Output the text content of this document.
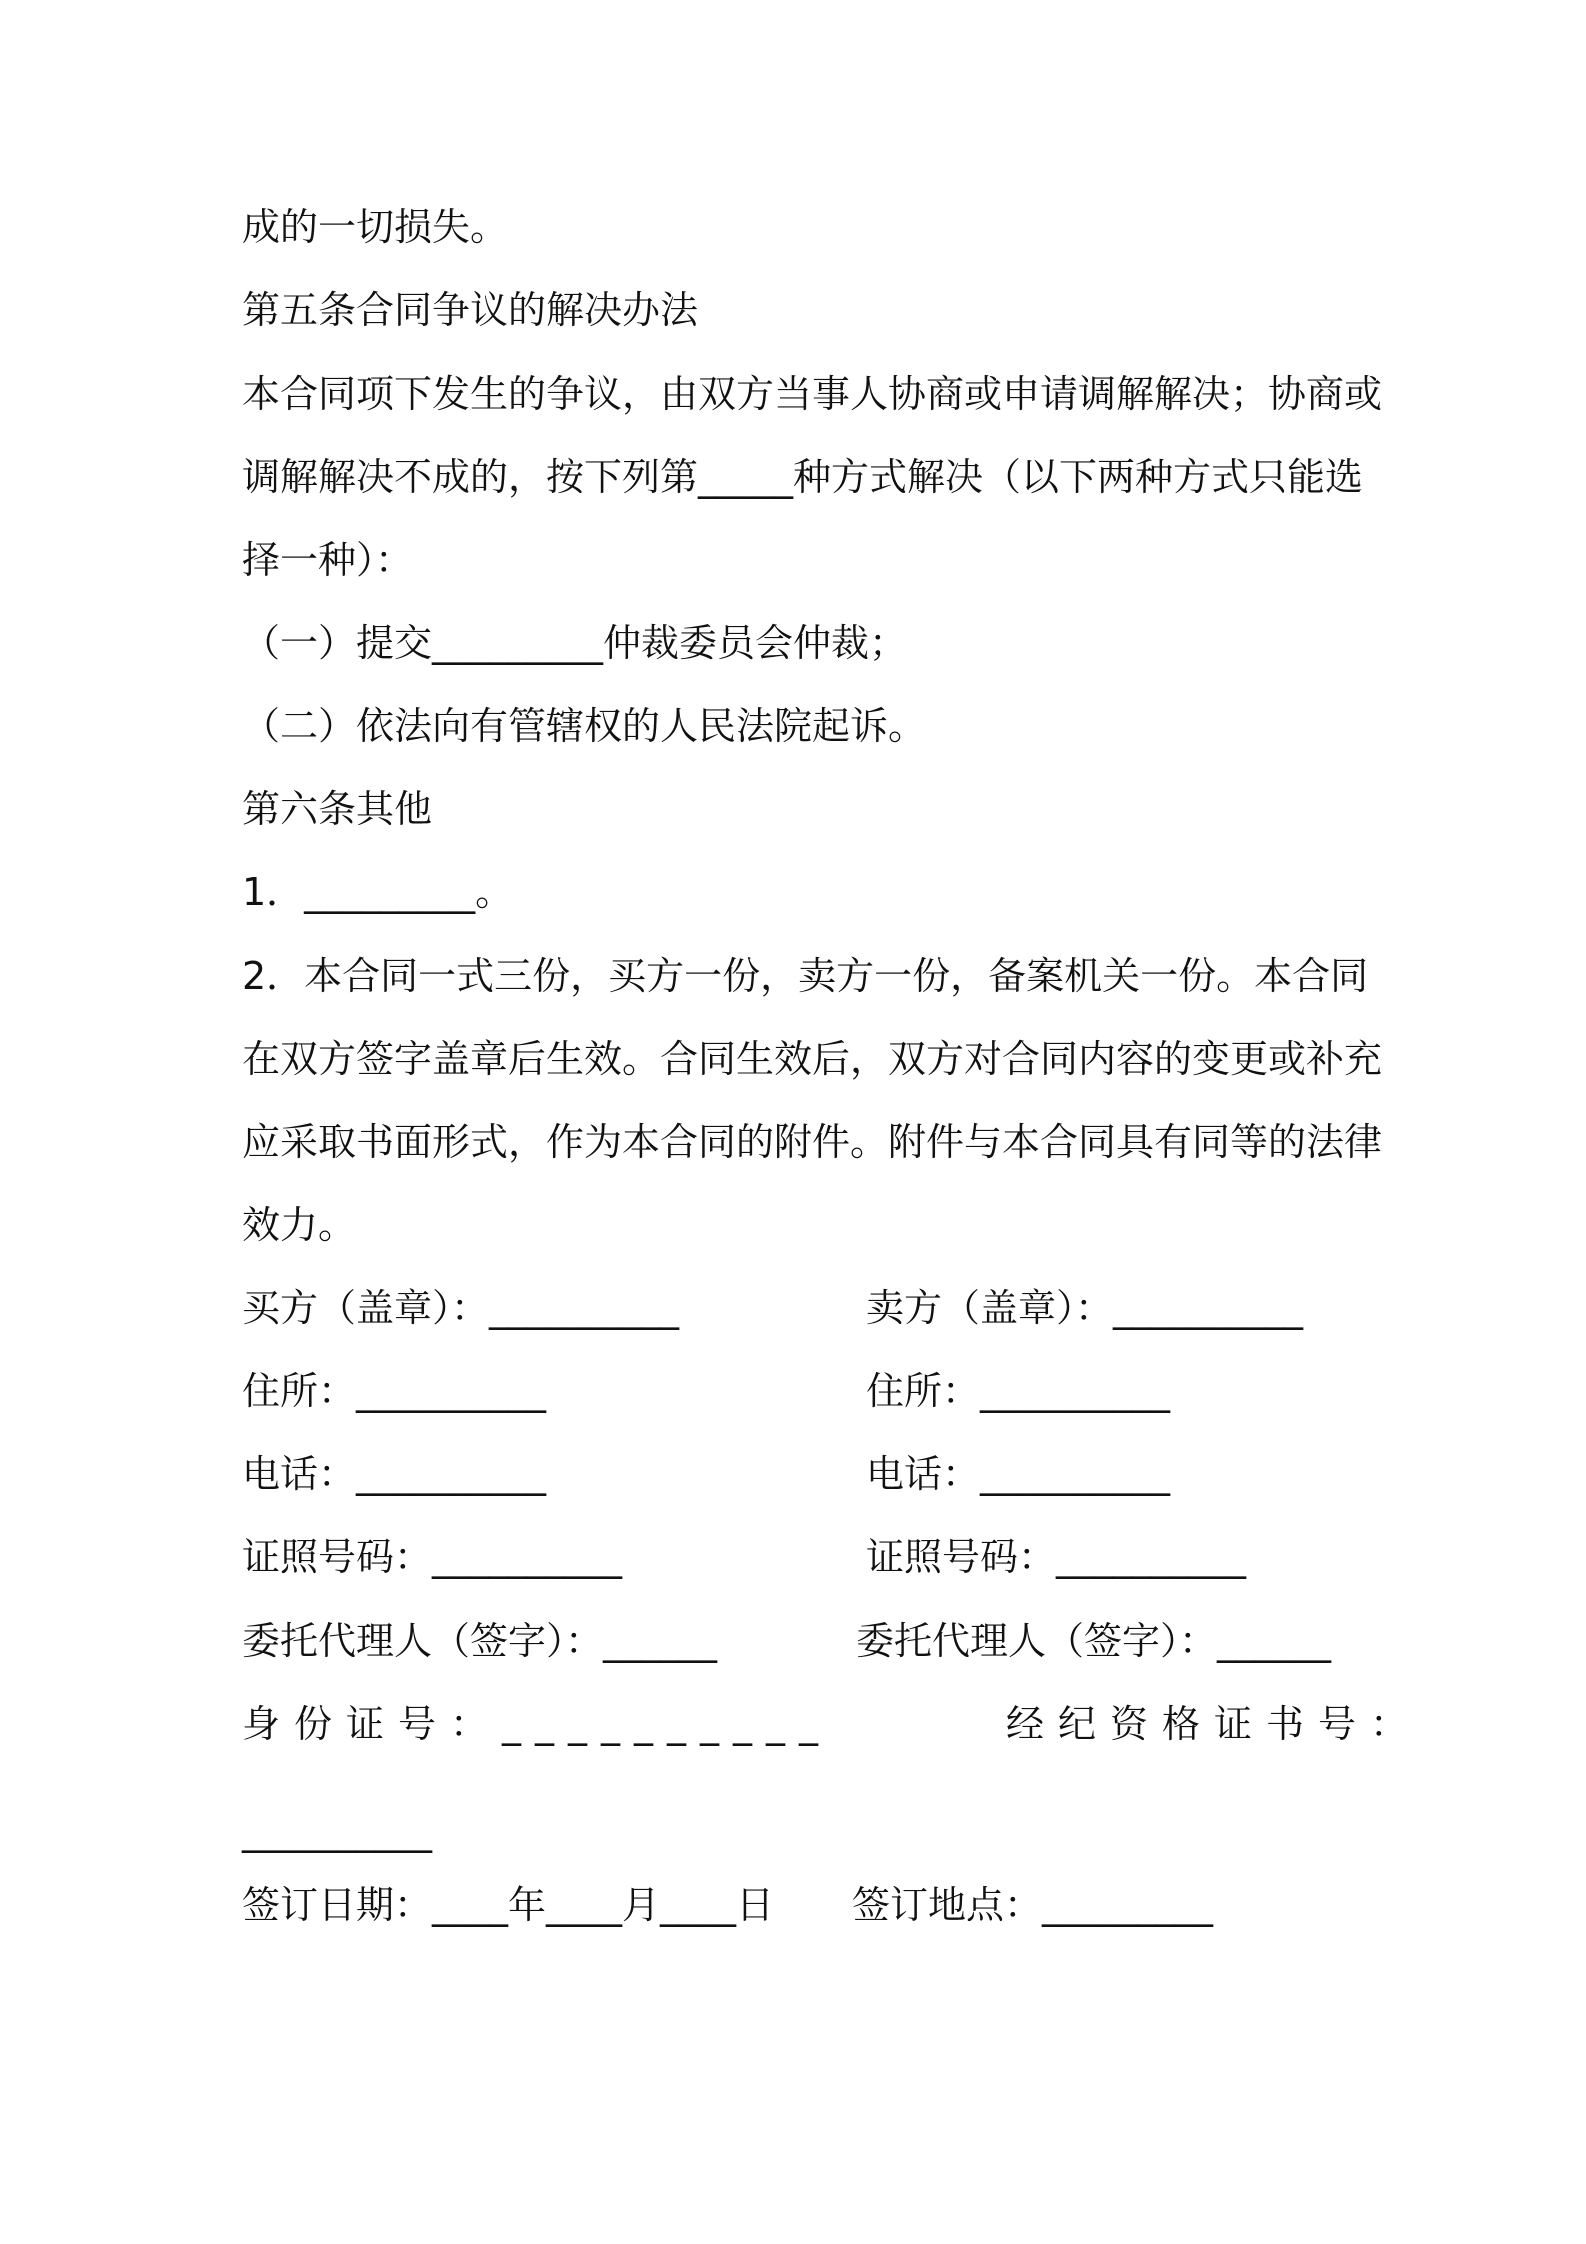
成的一切损失。
第五条合同争议的解决办法
本合同项下发生的争议，由双方当事人协商或申请调解解决；协商或
调解解决不成的，按下列第_____种方式解决（以下两种方式只能选
择一种）：
（一）提交_________仲裁委员会仲裁；
（二）依法向有管辖权的人民法院起诉。
第六条其他
1．_________。
2．本合同一式三份，买方一份，卖方一份，备案机关一份。本合同
在双方签字盖章后生效。合同生效后，双方对合同内容的变更或补充
应采取书面形式，作为本合同的附件。附件与本合同具有同等的法律
效力。
买方（盖章）：__________	卖方（盖章）：__________
住所：__________	住所：__________
电话：__________	电话：__________
证照号码：__________	证照号码：__________
委托代理人（签字）：______	委托代理人（签字）：______
身份证号：__________	经纪资格证书号：
__________
签订日期：____年____月____日 签订地点：_________
